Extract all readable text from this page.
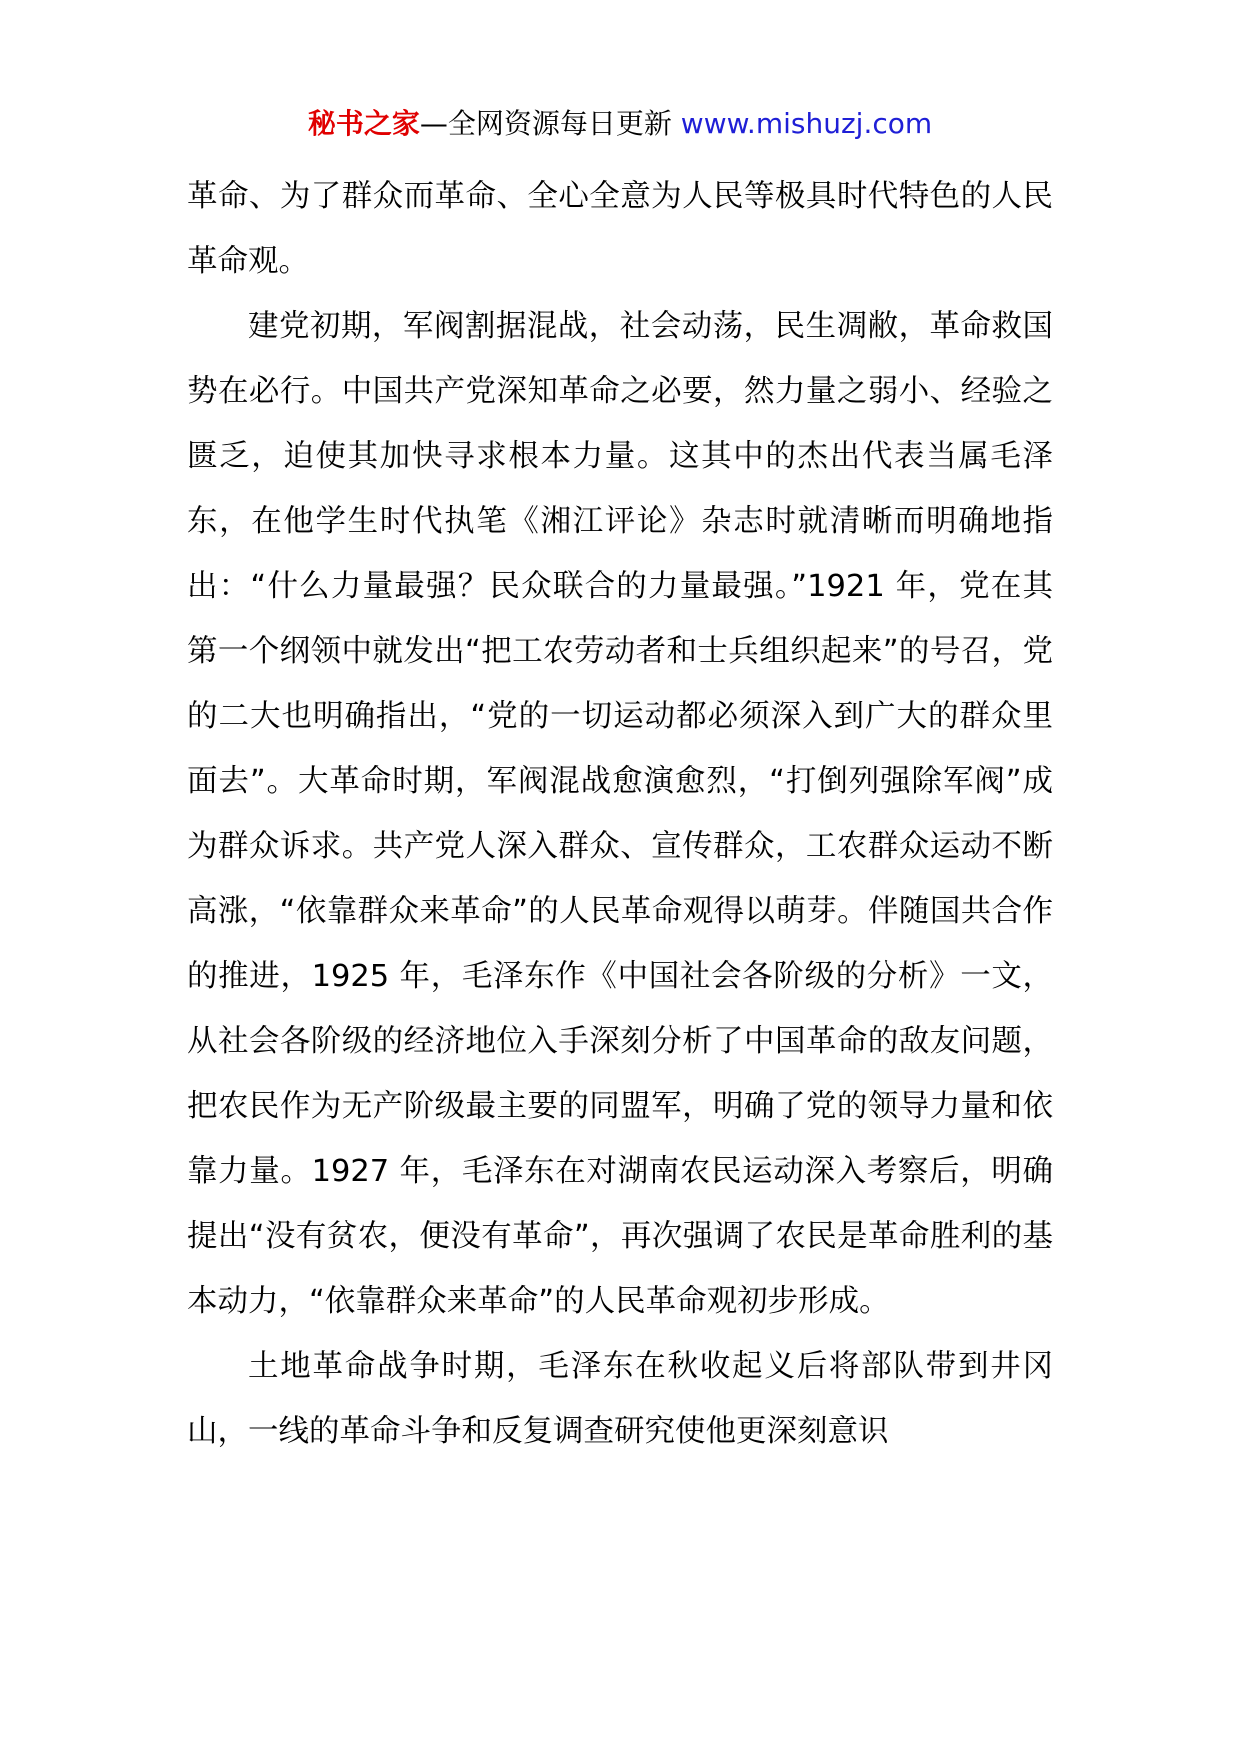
秘书之家—全网资源每日更新 www.mishuzj.com

革命、为了群众而革命、全心全意为人民等极具时代特色的人民革命观。

建党初期，军阀割据混战，社会动荡，民生凋敝，革命救国势在必行。中国共产党深知革命之必要，然力量之弱小、经验之匮乏，迫使其加快寻求根本力量。这其中的杰出代表当属毛泽东，在他学生时代执笔《湘江评论》杂志时就清晰而明确地指出：“什么力量最强？民众联合的力量最强。”1921 年，党在其第一个纲领中就发出“把工农劳动者和士兵组织起来”的号召，党的二大也明确指出，“党的一切运动都必须深入到广大的群众里面去”。大革命时期，军阀混战愈演愈烈，“打倒列强除军阀”成为群众诉求。共产党人深入群众、宣传群众，工农群众运动不断高涨，“依靠群众来革命”的人民革命观得以萌芽。伴随国共合作的推进，1925 年，毛泽东作《中国社会各阶级的分析》一文，从社会各阶级的经济地位入手深刻分析了中国革命的敌友问题，把农民作为无产阶级最主要的同盟军，明确了党的领导力量和依靠力量。1927 年，毛泽东在对湖南农民运动深入考察后，明确提出“没有贫农，便没有革命”，再次强调了农民是革命胜利的基本动力，“依靠群众来革命”的人民革命观初步形成。

土地革命战争时期，毛泽东在秋收起义后将部队带到井冈山，一线的革命斗争和反复调查研究使他更深刻意识
